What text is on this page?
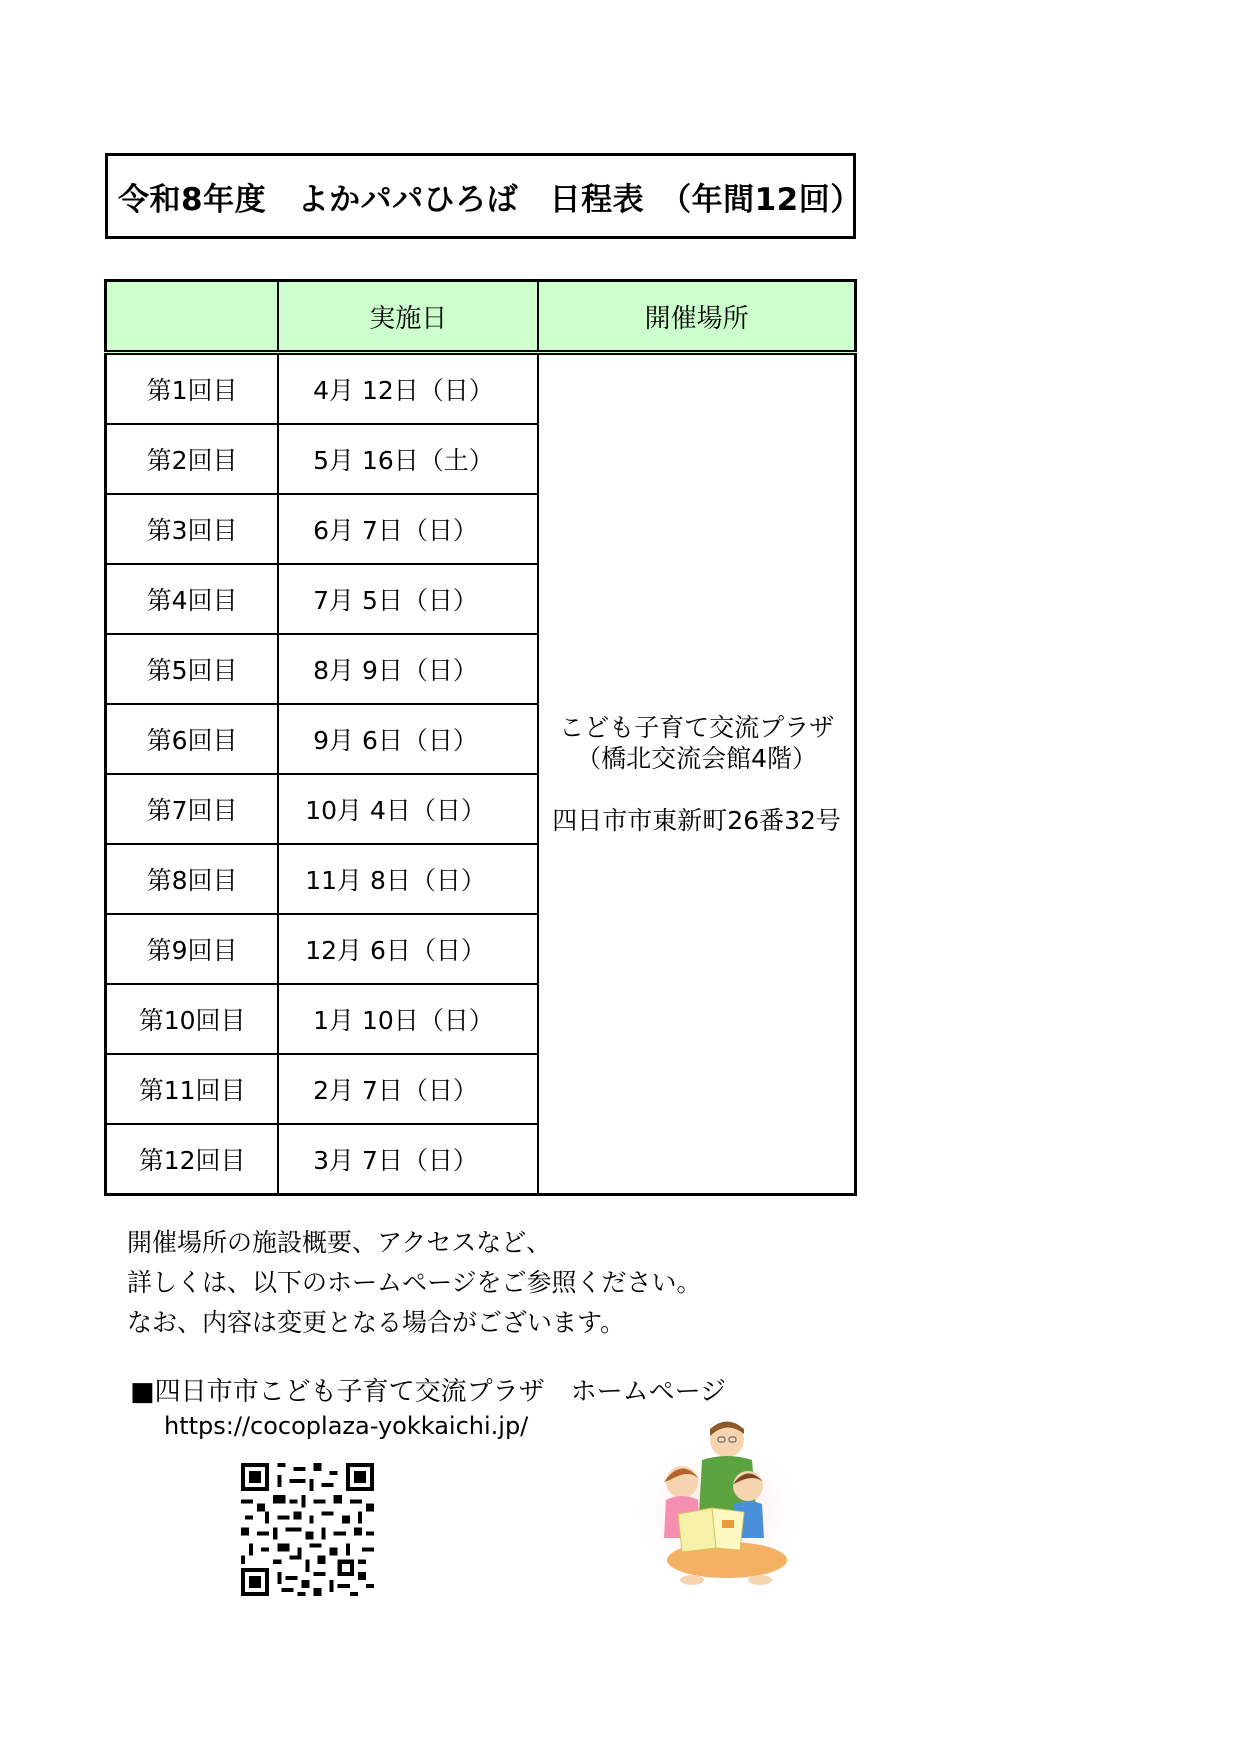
令和8年度　よかパパひろば　日程表　（年間12回）
	実施日	開催場所
第1回目	4月 12日（日）	こども子育て交流プラザ
（橋北交流会館4階）
四日市市東新町26番32号

第2回目	5月 16日（土）	
第3回目	6月 7日（日）	
第4回目	7月 5日（日）	
第5回目	8月 9日（日）	
第6回目	9月 6日（日）	
第7回目	10月 4日（日）	
第8回目	11月 8日（日）	
第9回目	12月 6日（日）	
第10回目	1月 10日（日）	
第11回目	2月 7日（日）	
第12回目	3月 7日（日）	
開催場所の施設概要、アクセスなど、
詳しくは、以下のホームページをご参照ください。
なお、内容は変更となる場合がございます。
■四日市市こども子育て交流プラザ　ホームページ
https://cocoplaza-yokkaichi.jp/
